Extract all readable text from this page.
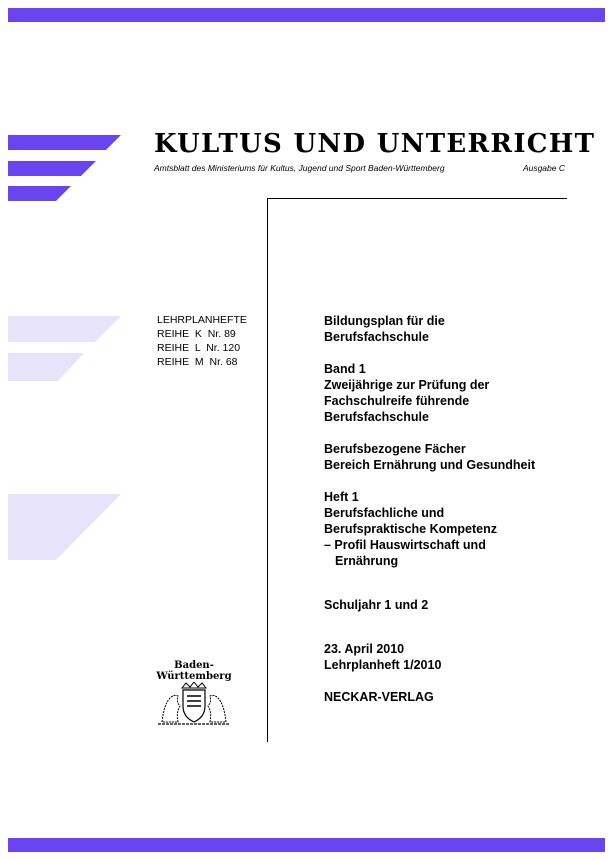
KULTUS UND UNTERRICHT
Amtsblatt des Ministeriums für Kultus, Jugend und Sport Baden-Württemberg	Ausgabe C
LEHRPLANHEFTE
REIHE  K  Nr. 89
REIHE  L  Nr. 120
REIHE  M  Nr. 68
Bildungsplan für die
Berufsfachschule
Band 1
Zweijährige zur Prüfung der
Fachschulreife führende
Berufsfachschule
Berufsbezogene Fächer
Bereich Ernährung und Gesundheit
Heft 1
Berufsfachliche und
Berufspraktische Kompetenz
– Profil Hauswirtschaft und
Ernährung
Schuljahr 1 und 2
23. April 2010
Lehrplanheft 1/2010
NECKAR-VERLAG
Baden-
Württemberg
